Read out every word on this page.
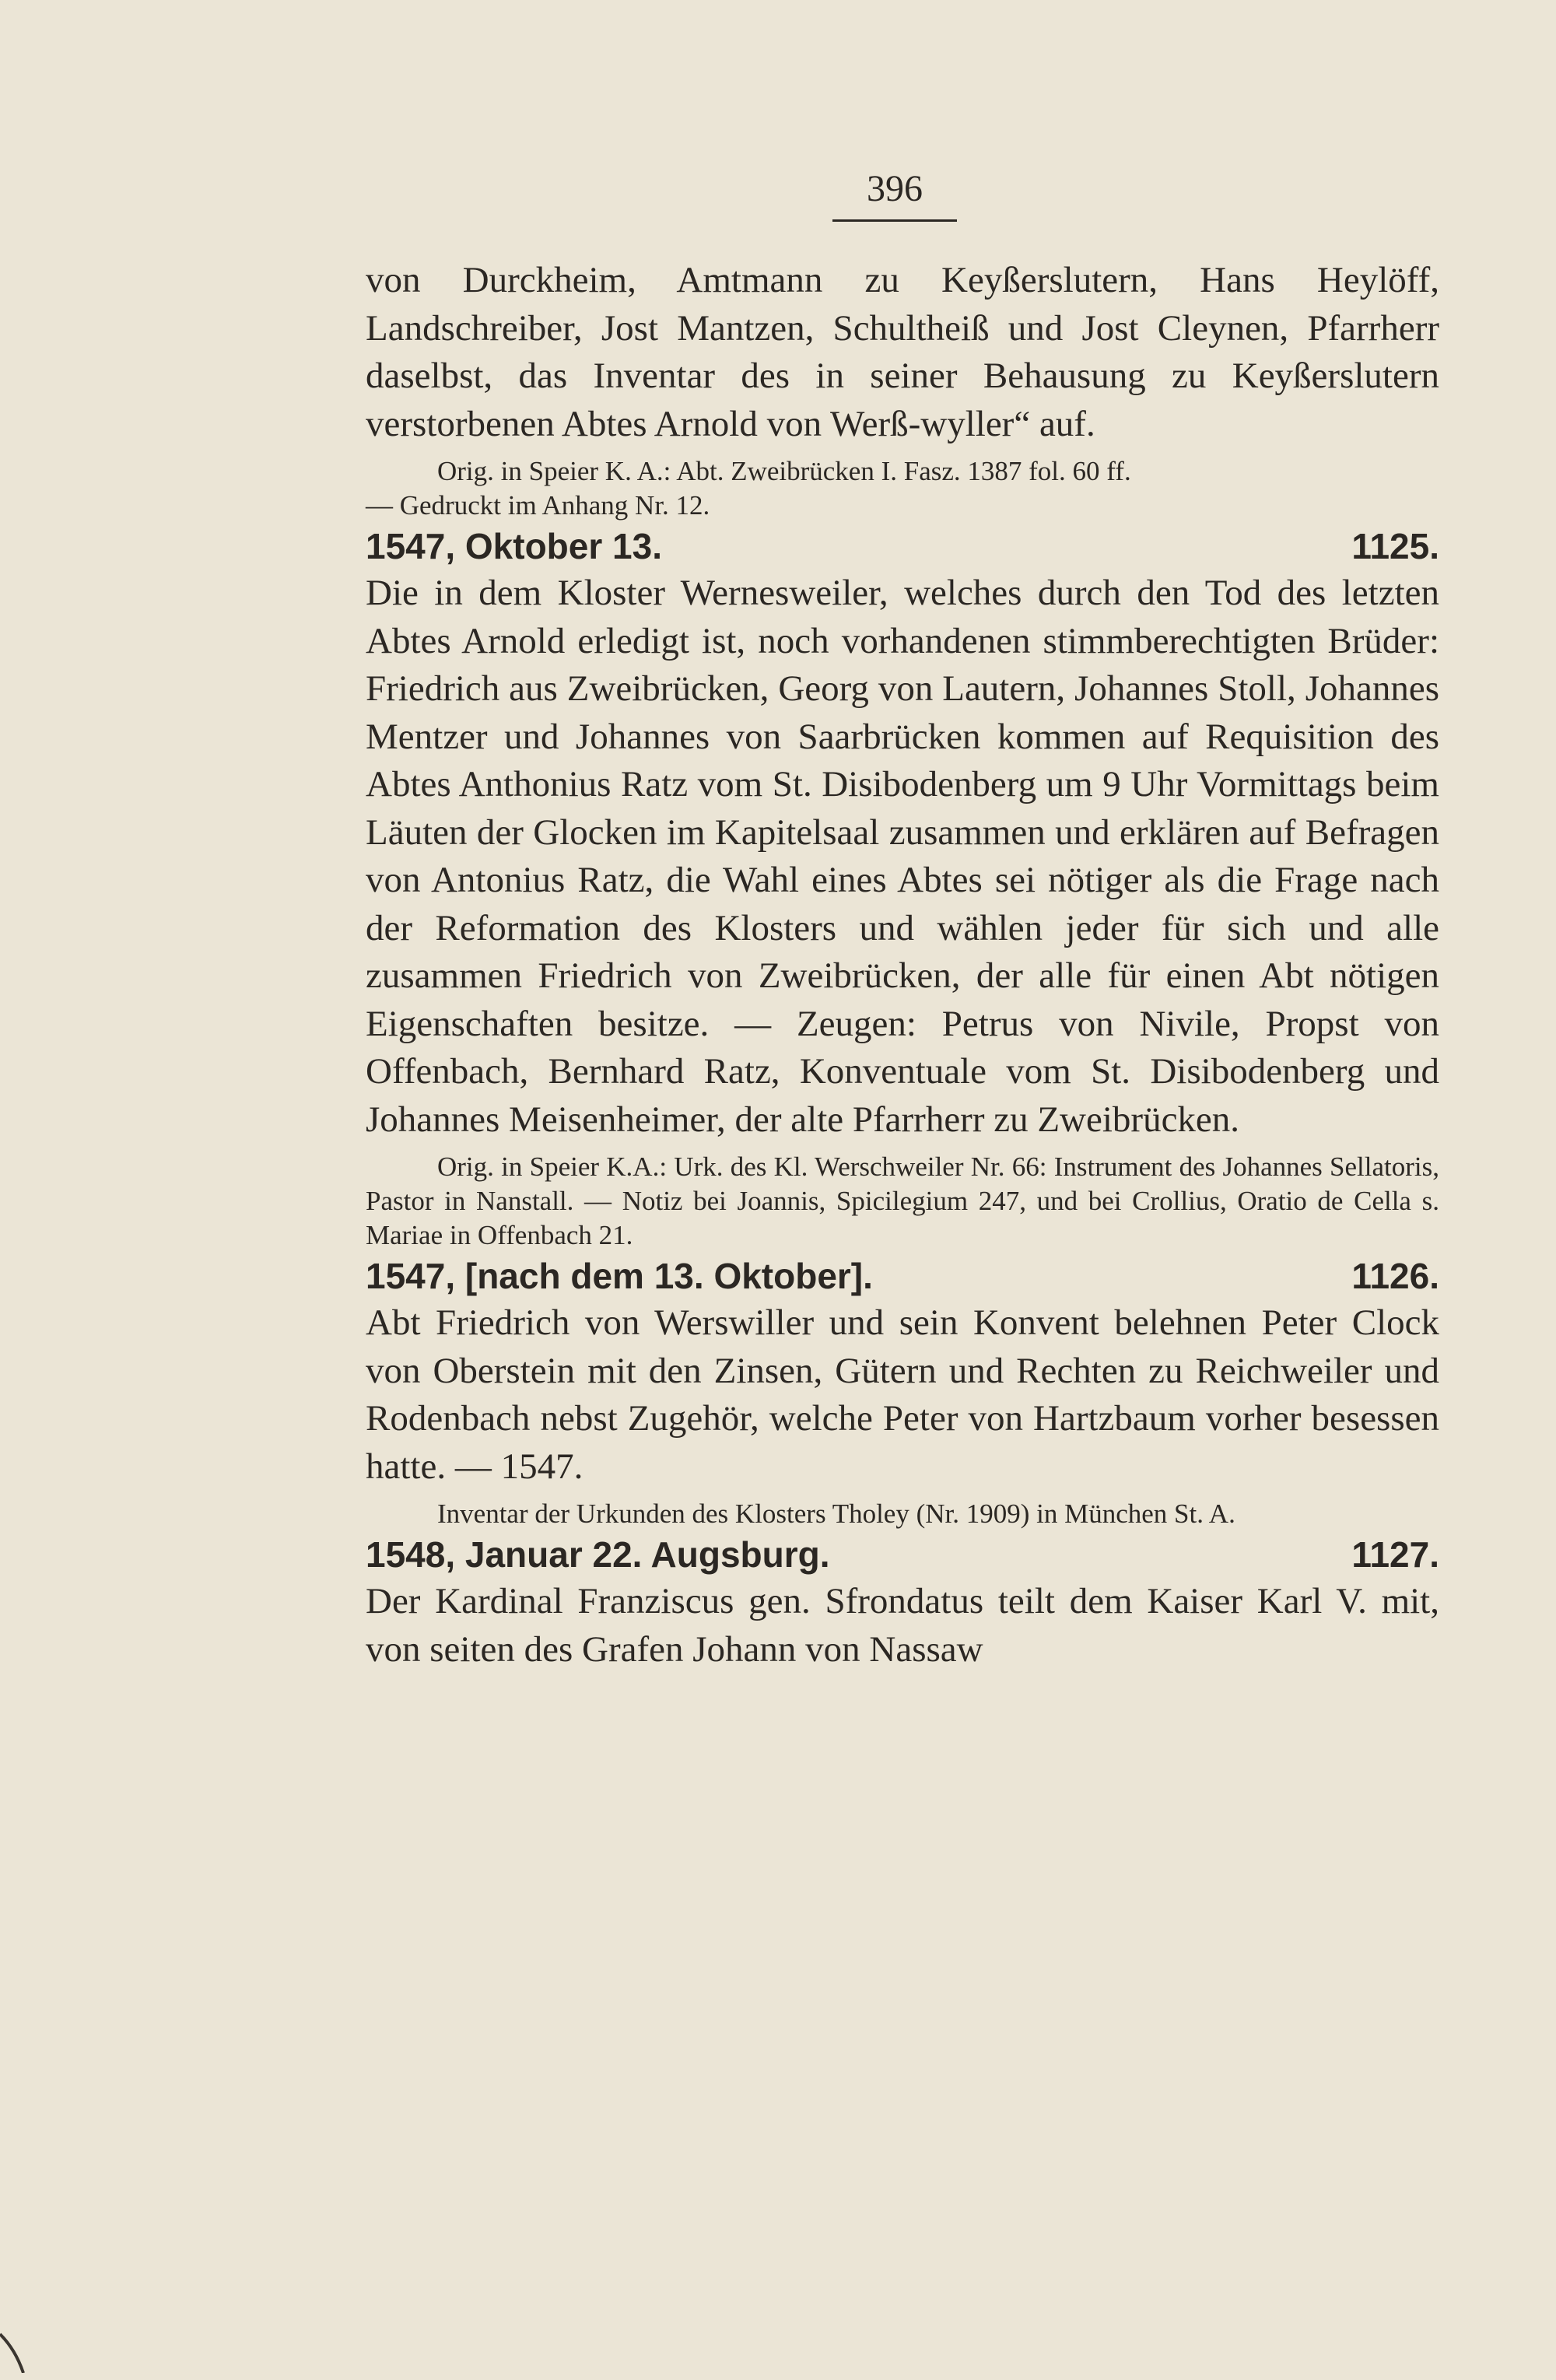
396

von Durckheim, Amtmann zu Keyßerslutern, Hans Heylöff, Landschreiber, Jost Mantzen, Schultheiß und Jost Cleynen, Pfarrherr daselbst, das Inventar des in seiner Behausung zu Keyßerslutern verstorbenen Abtes Arnold von Werß-wyller“ auf.

Orig. in Speier K. A.: Abt. Zweibrücken I. Fasz. 1387 fol. 60 ff.
— Gedruckt im Anhang Nr. 12.
1547, Oktober 13.	1125.

Die in dem Kloster Werneswеiler, welches durch den Tod des letzten Abtes Arnold erledigt ist, noch vorhandenen stimmberechtigten Brüder: Friedrich aus Zweibrücken, Georg von Lautern, Johannes Stoll, Johannes Mentzer und Johannes von Saarbrücken kommen auf Requisition des Abtes Anthonius Ratz vom St. Disibodenberg um 9 Uhr Vormittags beim Läuten der Glocken im Kapitelsaal zusammen und erklären auf Befragen von Antonius Ratz, die Wahl eines Abtes sei nötiger als die Frage nach der Reformation des Klosters und wählen jeder für sich und alle zusammen Friedrich von Zweibrücken, der alle für einen Abt nötigen Eigenschaften besitze. — Zeugen: Petrus von Nivile, Propst von Offenbach, Bernhard Ratz, Konventuale vom St. Disibodenberg und Johannes Meisenheimer, der alte Pfarrherr zu Zweibrücken.

Orig. in Speier K.A.: Urk. des Kl. Werschweiler Nr. 66: Instrument des Johannes Sellatoris, Pastor in Nanstall. — Notiz bei Joannis, Spicilegium 247, und bei Crollius, Oratio de Cella s. Mariae in Offenbach 21.

1547, [nach dem 13. Oktober].	1126.

Abt Friedrich von Werswiller und sein Konvent belehnen Peter Clock von Oberstein mit den Zinsen, Gütern und Rechten zu Reichweiler und Rodenbach nebst Zugehör, welche Peter von Hartzbaum vorher besessen hatte. — 1547.

Inventar der Urkunden des Klosters Tholey (Nr. 1909) in München St. A.

1548, Januar 22. Augsburg.	1127.

Der Kardinal Franziscus gen. Sfrondatus teilt dem Kaiser Karl V. mit, von seiten des Grafen Johann von Nassaw
